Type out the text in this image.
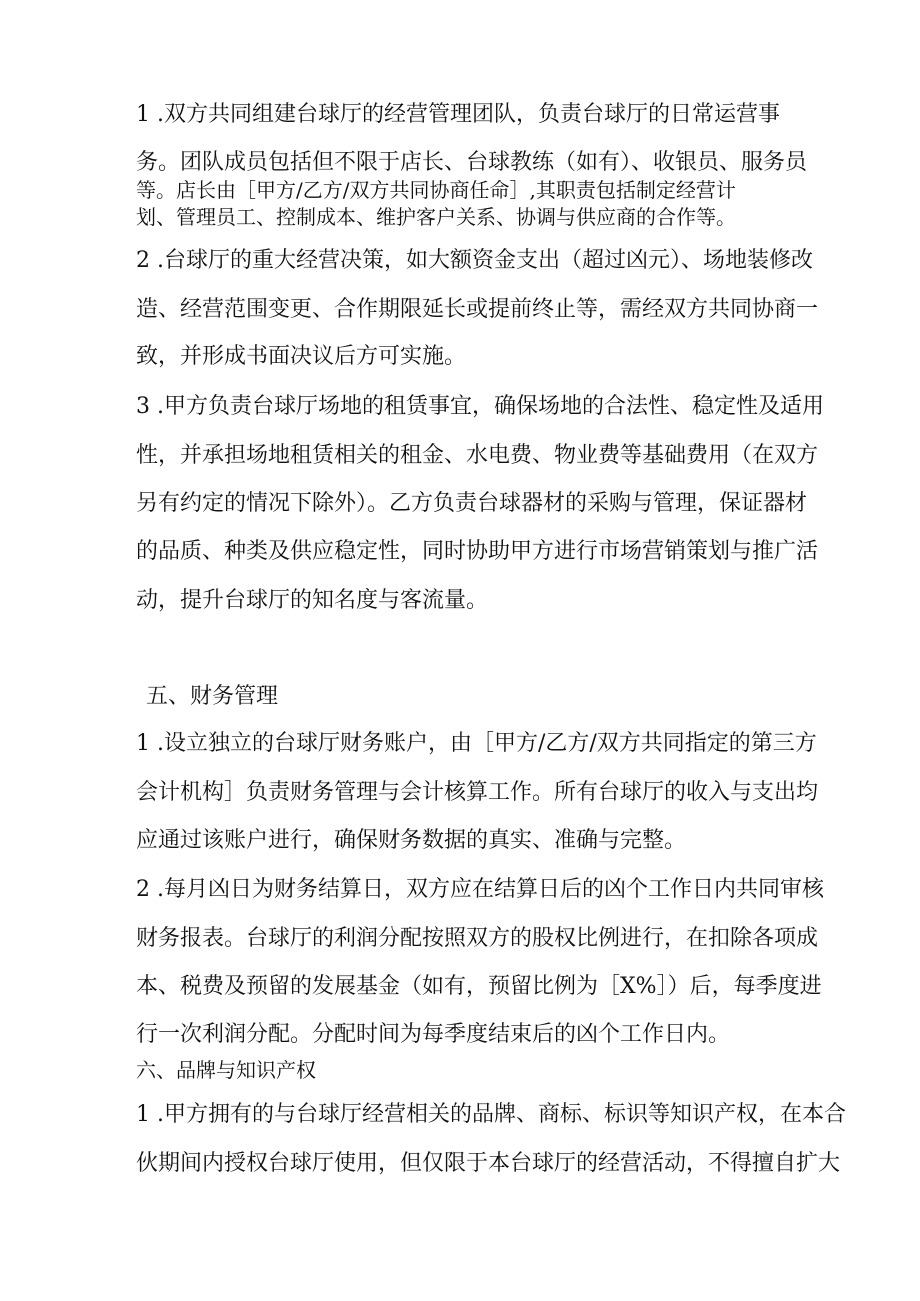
1 .双方共同组建台球厅的经营管理团队，负责台球厅的日常运营事
务。团队成员包括但不限于店长、台球教练（如有）、收银员、服务员
等。店长由［甲方/乙方/双方共同协商任命］,其职责包括制定经营计
划、管理员工、控制成本、维护客户关系、协调与供应商的合作等。
2 .台球厅的重大经营决策，如大额资金支出（超过凶元）、场地装修改
造、经营范围变更、合作期限延长或提前终止等，需经双方共同协商一
致，并形成书面决议后方可实施。
3 .甲方负责台球厅场地的租赁事宜，确保场地的合法性、稳定性及适用
性，并承担场地租赁相关的租金、水电费、物业费等基础费用（在双方
另有约定的情况下除外）。乙方负责台球器材的采购与管理，保证器材
的品质、种类及供应稳定性，同时协助甲方进行市场营销策划与推广活
动，提升台球厅的知名度与客流量。
五、财务管理
1 .设立独立的台球厅财务账户，由［甲方/乙方/双方共同指定的第三方
会计机构］负责财务管理与会计核算工作。所有台球厅的收入与支出均
应通过该账户进行，确保财务数据的真实、准确与完整。
2 .每月凶日为财务结算日，双方应在结算日后的凶个工作日内共同审核
财务报表。台球厅的利润分配按照双方的股权比例进行，在扣除各项成
本、税费及预留的发展基金（如有，预留比例为［X%］）后，每季度进
行一次利润分配。分配时间为每季度结束后的凶个工作日内。
六、品牌与知识产权
1 .甲方拥有的与台球厅经营相关的品牌、商标、标识等知识产权，在本合
伙期间内授权台球厅使用，但仅限于本台球厅的经营活动，不得擅自扩大
